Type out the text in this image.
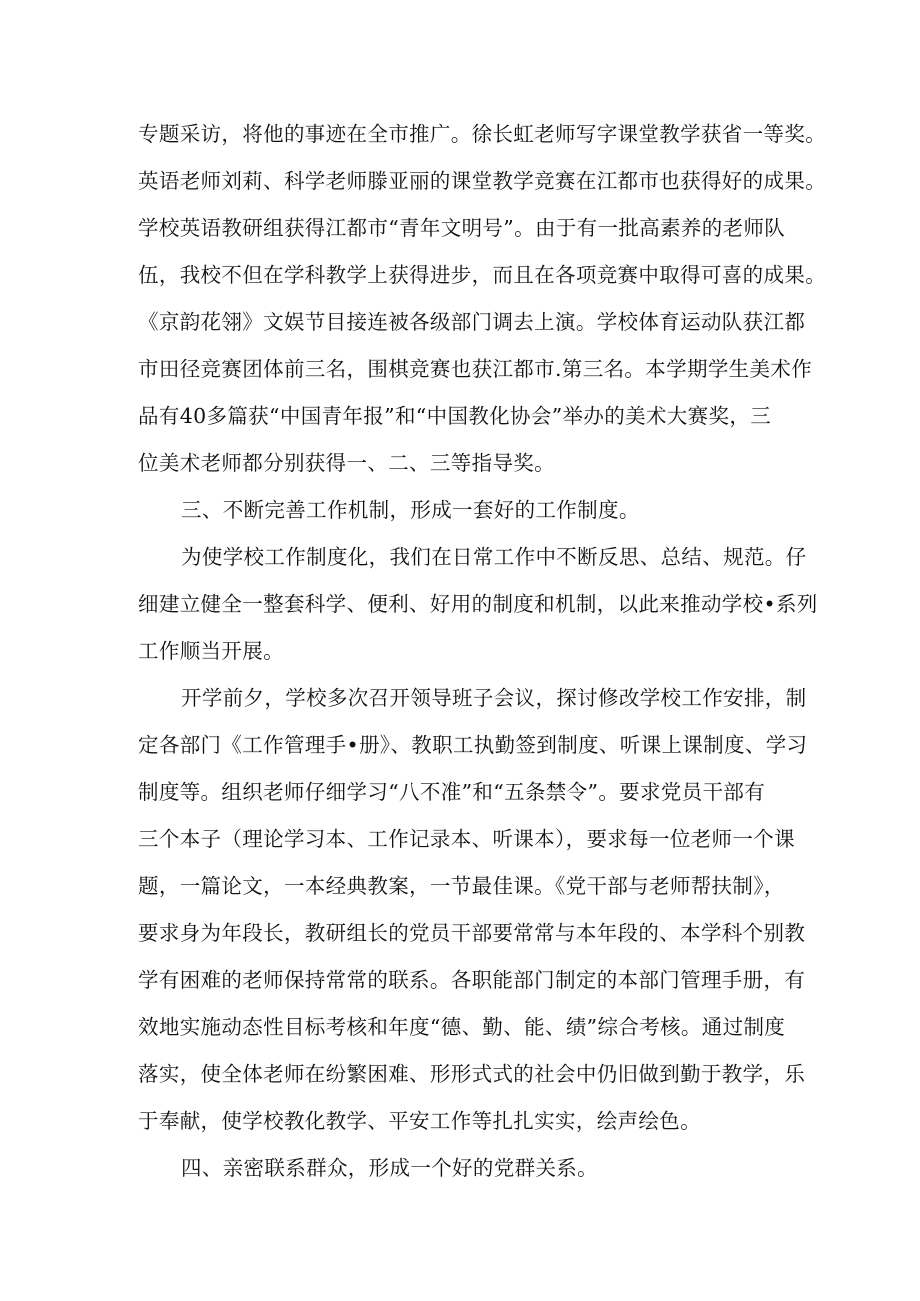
专题采访，将他的事迹在全市推广。徐长虹老师写字课堂教学获省一等奖。
英语老师刘莉、科学老师滕亚丽的课堂教学竞赛在江都市也获得好的成果。
学校英语教研组获得江都市“青年文明号”。由于有一批高素养的老师队
伍，我校不但在学科教学上获得进步，而且在各项竞赛中取得可喜的成果。
《京韵花翎》文娱节目接连被各级部门调去上演。学校体育运动队获江都
市田径竞赛团体前三名，围棋竞赛也获江都市.第三名。本学期学生美术作
品有40多篇获“中国青年报”和“中国教化协会”举办的美术大赛奖，三
位美术老师都分别获得一、二、三等指导奖。
三、不断完善工作机制，形成一套好的工作制度。
为使学校工作制度化，我们在日常工作中不断反思、总结、规范。仔
细建立健全一整套科学、便利、好用的制度和机制，以此来推动学校•系列
工作顺当开展。
开学前夕，学校多次召开领导班子会议，探讨修改学校工作安排，制
定各部门《工作管理手•册》、教职工执勤签到制度、听课上课制度、学习
制度等。组织老师仔细学习“八不准”和“五条禁令”。要求党员干部有
三个本子（理论学习本、工作记录本、听课本），要求每一位老师一个课
题，一篇论文，一本经典教案，一节最佳课。《党干部与老师帮扶制》，
要求身为年段长，教研组长的党员干部要常常与本年段的、本学科个别教
学有困难的老师保持常常的联系。各职能部门制定的本部门管理手册，有
效地实施动态性目标考核和年度“德、勤、能、绩”综合考核。通过制度
落实，使全体老师在纷繁困难、形形式式的社会中仍旧做到勤于教学，乐
于奉献，使学校教化教学、平安工作等扎扎实实，绘声绘色。
四、亲密联系群众，形成一个好的党群关系。
